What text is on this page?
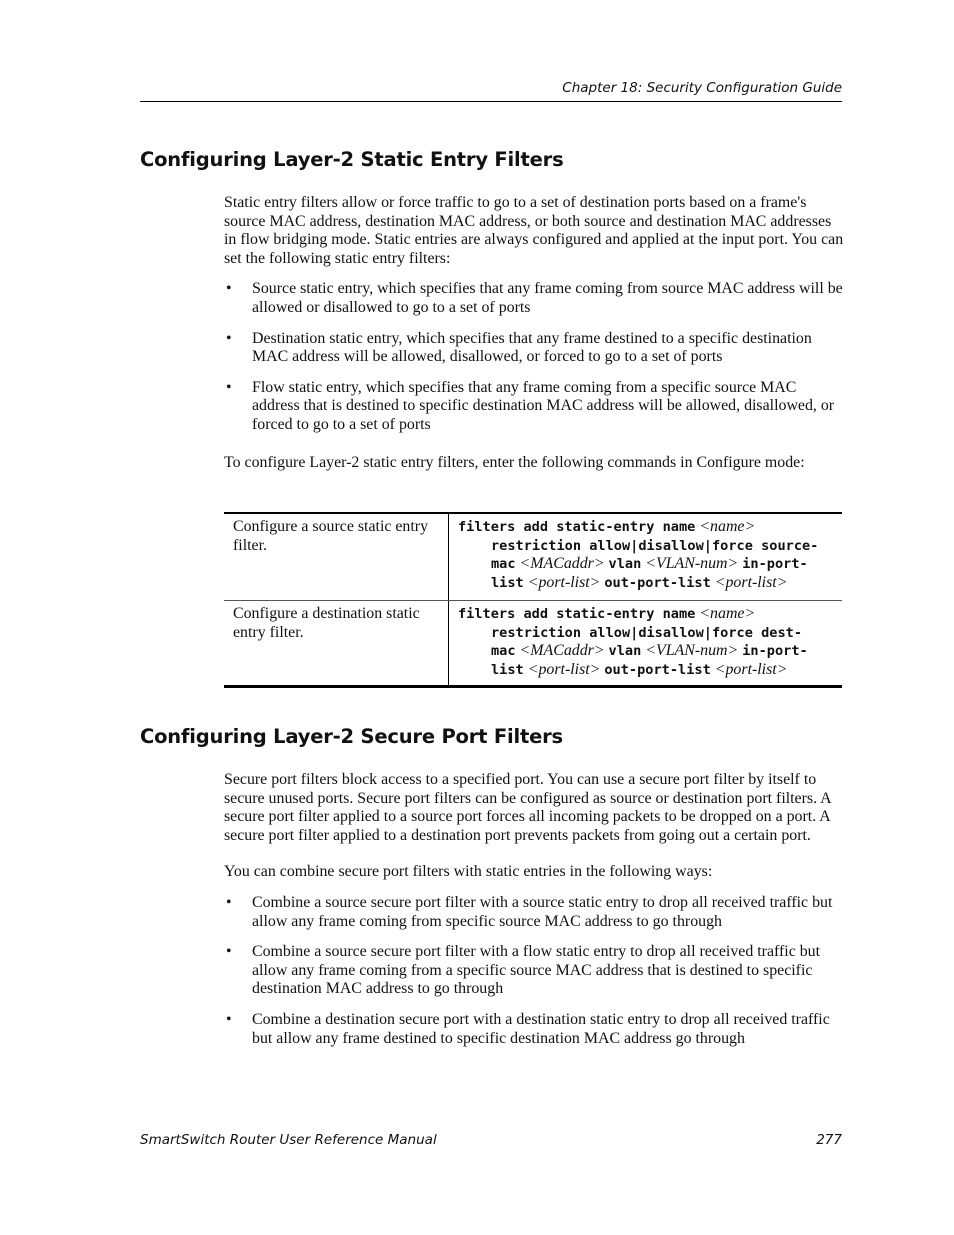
Chapter 18: Security Configuration Guide
Configuring Layer-2 Static Entry Filters

Static entry filters allow or force traffic to go to a set of destination ports based on a frame's source MAC address, destination MAC address, or both source and destination MAC addresses in flow bridging mode. Static entries are always configured and applied at the input port. You can set the following static entry filters:

• Source static entry, which specifies that any frame coming from source MAC address will be allowed or disallowed to go to a set of ports
• Destination static entry, which specifies that any frame destined to a specific destination MAC address will be allowed, disallowed, or forced to go to a set of ports
• Flow static entry, which specifies that any frame coming from a specific source MAC address that is destined to specific destination MAC address will be allowed, disallowed, or forced to go to a set of ports

To configure Layer-2 static entry filters, enter the following commands in Configure mode:

Configure a source static entry filter.	filters add static-entry name <name>
restriction allow|disallow|force source-
mac <MACaddr> vlan <VLAN-num> in-port-
list <port-list> out-port-list <port-list>

Configure a destination static entry filter.	filters add static-entry name <name>
restriction allow|disallow|force dest-
mac <MACaddr> vlan <VLAN-num> in-port-
list <port-list> out-port-list <port-list>
Configuring Layer-2 Secure Port Filters

Secure port filters block access to a specified port. You can use a secure port filter by itself to secure unused ports. Secure port filters can be configured as source or destination port filters. A secure port filter applied to a source port forces all incoming packets to be dropped on a port. A secure port filter applied to a destination port prevents packets from going out a certain port.

You can combine secure port filters with static entries in the following ways:

• Combine a source secure port filter with a source static entry to drop all received traffic but allow any frame coming from specific source MAC address to go through
• Combine a source secure port filter with a flow static entry to drop all received traffic but allow any frame coming from a specific source MAC address that is destined to specific destination MAC address to go through
• Combine a destination secure port with a destination static entry to drop all received traffic but allow any frame destined to specific destination MAC address go through
SmartSwitch Router User Reference Manual	277
